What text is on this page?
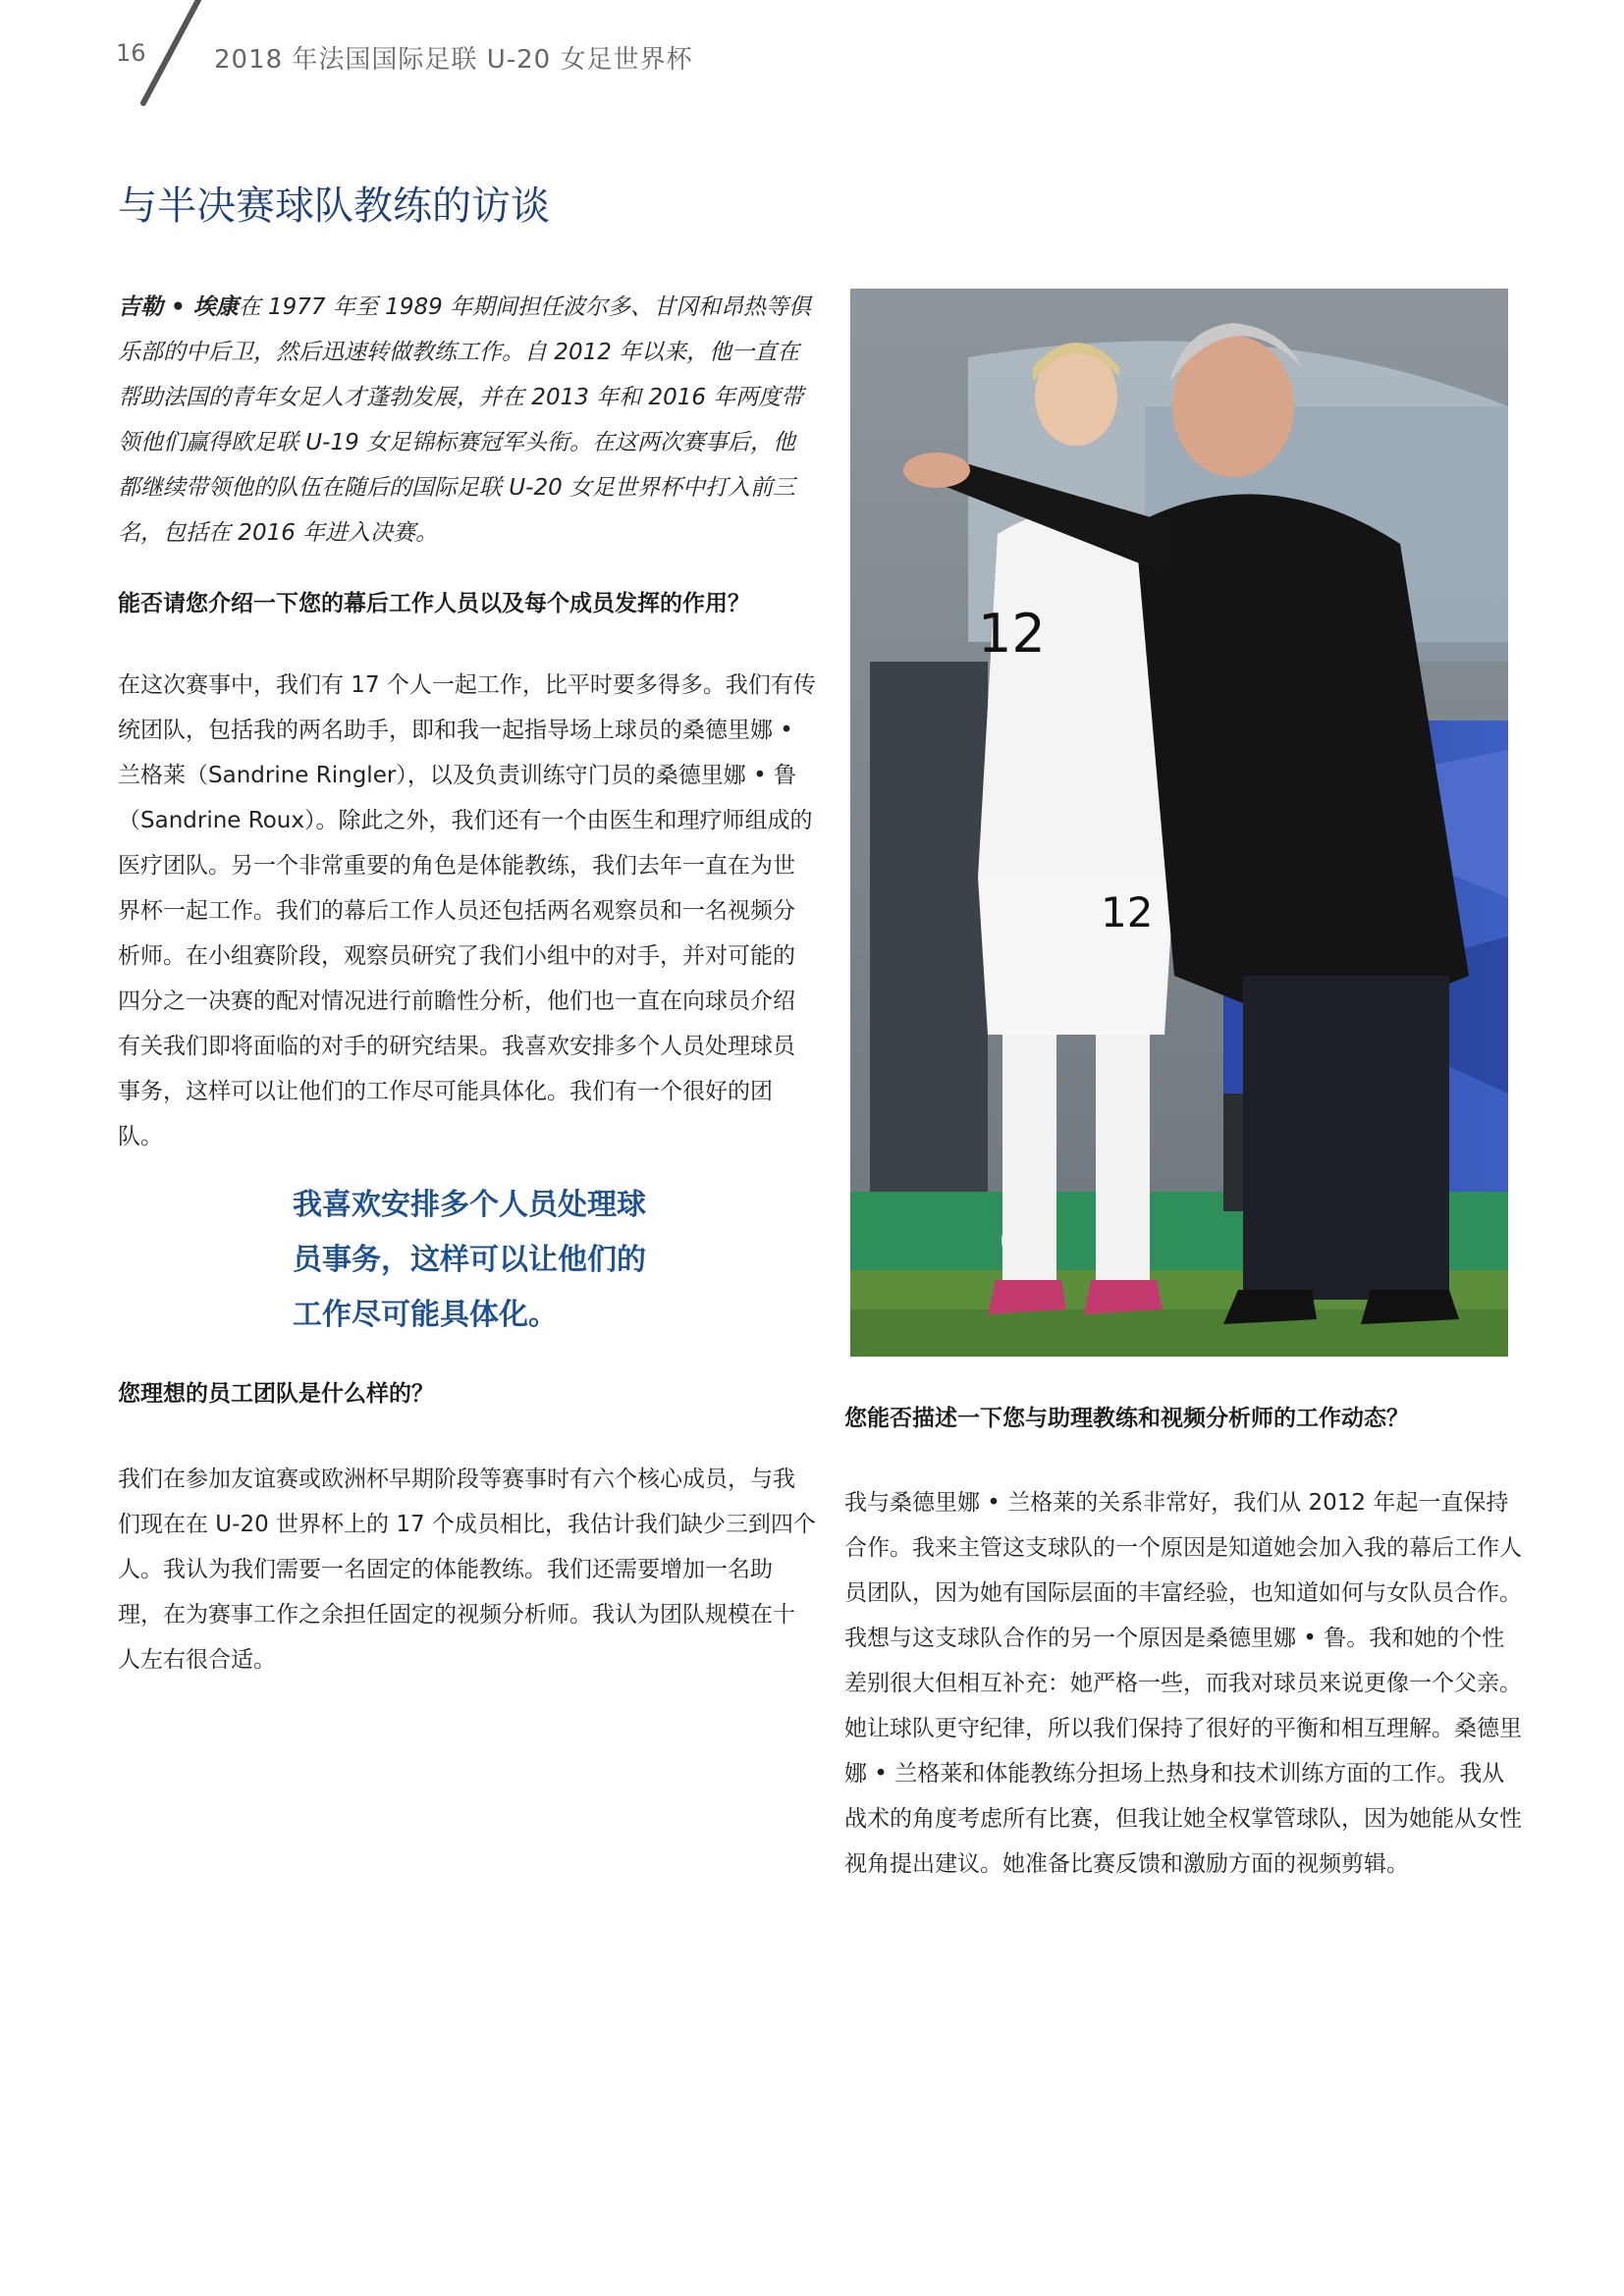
16	2018 年法国国际足联 U-20 女足世界杯
与半决赛球队教练的访谈

吉勒 • 埃康在 1977 年至 1989 年期间担任波尔多、甘冈和昂热等俱乐部的中后卫，然后迅速转做教练工作。自 2012 年以来，他一直在帮助法国的青年女足人才蓬勃发展，并在 2013 年和 2016 年两度带领他们赢得欧足联 U-19 女足锦标赛冠军头衔。在这两次赛事后，他都继续带领他的队伍在随后的国际足联 U-20 女足世界杯中打入前三名，包括在 2016 年进入决赛。

能否请您介绍一下您的幕后工作人员以及每个成员发挥的作用？

在这次赛事中，我们有 17 个人一起工作，比平时要多得多。我们有传统团队，包括我的两名助手，即和我一起指导场上球员的桑德里娜 • 兰格莱（Sandrine Ringler），以及负责训练守门员的桑德里娜 • 鲁（Sandrine Roux）。除此之外，我们还有一个由医生和理疗师组成的医疗团队。另一个非常重要的角色是体能教练，我们去年一直在为世界杯一起工作。我们的幕后工作人员还包括两名观察员和一名视频分析师。在小组赛阶段，观察员研究了我们小组中的对手，并对可能的四分之一决赛的配对情况进行前瞻性分析，他们也一直在向球员介绍有关我们即将面临的对手的研究结果。我喜欢安排多个人员处理球员事务，这样可以让他们的工作尽可能具体化。我们有一个很好的团队。

我喜欢安排多个人员处理球员事务，这样可以让他们的工作尽可能具体化。

您理想的员工团队是什么样的？

我们在参加友谊赛或欧洲杯早期阶段等赛事时有六个核心成员，与我们现在在 U-20 世界杯上的 17 个成员相比，我估计我们缺少三到四个人。我认为我们需要一名固定的体能教练。我们还需要增加一名助理，在为赛事工作之余担任固定的视频分析师。我认为团队规模在十人左右很合适。

12
12

您能否描述一下您与助理教练和视频分析师的工作动态？

我与桑德里娜 • 兰格莱的关系非常好，我们从 2012 年起一直保持合作。我来主管这支球队的一个原因是知道她会加入我的幕后工作人员团队，因为她有国际层面的丰富经验，也知道如何与女队员合作。我想与这支球队合作的另一个原因是桑德里娜 • 鲁。我和她的个性差别很大但相互补充：她严格一些，而我对球员来说更像一个父亲。她让球队更守纪律，所以我们保持了很好的平衡和相互理解。桑德里娜 • 兰格莱和体能教练分担场上热身和技术训练方面的工作。我从战术的角度考虑所有比赛，但我让她全权掌管球队，因为她能从女性视角提出建议。她准备比赛反馈和激励方面的视频剪辑。
